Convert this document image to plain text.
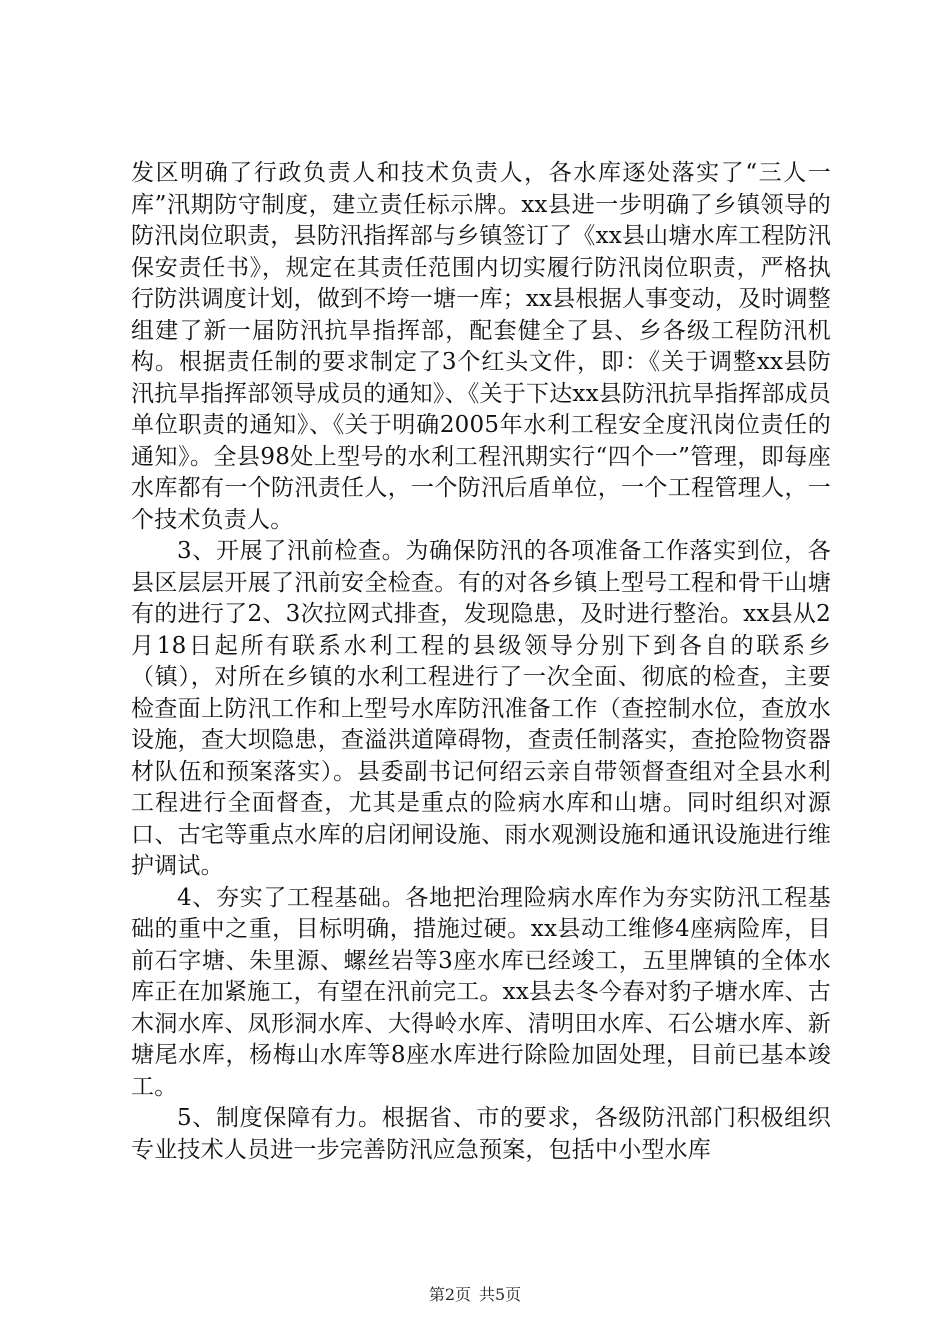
发区明确了行政负责人和技术负责人，各水库逐处落实了“三人一库”汛期防守制度，建立责任标示牌。xx县进一步明确了乡镇领导的防汛岗位职责，县防汛指挥部与乡镇签订了《xx县山塘水库工程防汛保安责任书》，规定在其责任范围内切实履行防汛岗位职责，严格执行防洪调度计划，做到不垮一塘一库；xx县根据人事变动，及时调整组建了新一届防汛抗旱指挥部，配套健全了县、乡各级工程防汛机构。根据责任制的要求制定了3个红头文件，即：《关于调整xx县防汛抗旱指挥部领导成员的通知》、《关于下达xx县防汛抗旱指挥部成员单位职责的通知》、《关于明确2005年水利工程安全度汛岗位责任的通知》。全县98处上型号的水利工程汛期实行“四个一”管理，即每座水库都有一个防汛责任人，一个防汛后盾单位，一个工程管理人，一个技术负责人。

3、开展了汛前检查。为确保防汛的各项准备工作落实到位，各县区层层开展了汛前安全检查。有的对各乡镇上型号工程和骨干山塘有的进行了2、3次拉网式排查，发现隐患，及时进行整治。xx县从2月18日起所有联系水利工程的县级领导分别下到各自的联系乡（镇），对所在乡镇的水利工程进行了一次全面、彻底的检查，主要检查面上防汛工作和上型号水库防汛准备工作（查控制水位，查放水设施，查大坝隐患，查溢洪道障碍物，查责任制落实，查抢险物资器材队伍和预案落实）。县委副书记何绍云亲自带领督查组对全县水利工程进行全面督查，尤其是重点的险病水库和山塘。同时组织对源口、古宅等重点水库的启闭闸设施、雨水观测设施和通讯设施进行维护调试。

4、夯实了工程基础。各地把治理险病水库作为夯实防汛工程基础的重中之重，目标明确，措施过硬。xx县动工维修4座病险库，目前石字塘、朱里源、螺丝岩等3座水库已经竣工，五里牌镇的全体水库正在加紧施工，有望在汛前完工。xx县去冬今春对豹子塘水库、古木洞水库、凤形洞水库、大得岭水库、清明田水库、石公塘水库、新塘尾水库，杨梅山水库等8座水库进行除险加固处理，目前已基本竣工。

5、制度保障有力。根据省、市的要求，各级防汛部门积极组织专业技术人员进一步完善防汛应急预案，包括中小型水库

第2页 共5页
